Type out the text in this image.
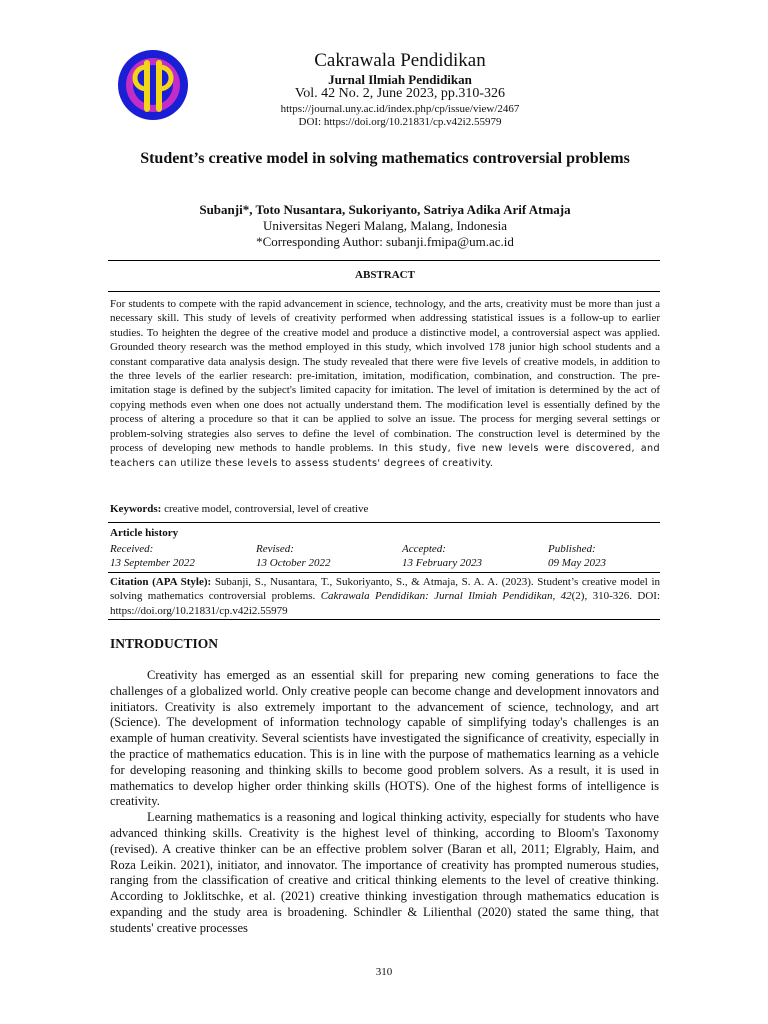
Cakrawala Pendidikan
Jurnal Ilmiah Pendidikan
Vol. 42 No. 2, June 2023, pp.310-326
https://journal.uny.ac.id/index.php/cp/issue/view/2467
DOI: https://doi.org/10.21831/cp.v42i2.55979
Student’s creative model in solving mathematics controversial problems
Subanji*, Toto Nusantara, Sukoriyanto, Satriya Adika Arif Atmaja
Universitas Negeri Malang, Malang, Indonesia
*Corresponding Author: subanji.fmipa@um.ac.id
ABSTRACT
For students to compete with the rapid advancement in science, technology, and the arts, creativity must be more than just a necessary skill. This study of levels of creativity performed when addressing statistical issues is a follow-up to earlier studies. To heighten the degree of the creative model and produce a distinctive model, a controversial aspect was applied. Grounded theory research was the method employed in this study, which involved 178 junior high school students and a constant comparative data analysis design. The study revealed that there were five levels of creative models, in addition to the three levels of the earlier research: pre-imitation, imitation, modification, combination, and construction. The pre-imitation stage is defined by the subject's limited capacity for imitation. The level of imitation is determined by the act of copying methods even when one does not actually understand them. The modification level is essentially defined by the process of altering a procedure so that it can be applied to solve an issue. The process for merging several settings or problem-solving strategies also serves to define the level of combination. The construction level is determined by the process of developing new methods to handle problems. In this study, five new levels were discovered, and teachers can utilize these levels to assess students' degrees of creativity.
Keywords: creative model, controversial, level of creative
Article history
Received:	Revised:	Accepted:	Published:
13 September 2022	13 October 2022	13 February 2023	09 May 2023
Citation (APA Style): Subanji, S., Nusantara, T., Sukoriyanto, S., & Atmaja, S. A. A. (2023). Student’s creative model in solving mathematics controversial problems. Cakrawala Pendidikan: Jurnal Ilmiah Pendidikan, 42(2), 310-326. DOI: https://doi.org/10.21831/cp.v42i2.55979
INTRODUCTION

Creativity has emerged as an essential skill for preparing new coming generations to face the challenges of a globalized world. Only creative people can become change and development innovators and initiators. Creativity is also extremely important to the advancement of science, technology, and art (Science). The development of information technology capable of simplifying today's challenges is an example of human creativity. Several scientists have investigated the significance of creativity, especially in the practice of mathematics education. This is in line with the purpose of mathematics learning as a vehicle for developing reasoning and thinking skills to become good problem solvers. As a result, it is used in mathematics to develop higher order thinking skills (HOTS). One of the highest forms of intelligence is creativity.

Learning mathematics is a reasoning and logical thinking activity, especially for students who have advanced thinking skills. Creativity is the highest level of thinking, according to Bloom's Taxonomy (revised). A creative thinker can be an effective problem solver (Baran et all, 2011; Elgrably, Haim, and Roza Leikin. 2021), initiator, and innovator. The importance of creativity has prompted numerous studies, ranging from the classification of creative and critical thinking elements to the level of creative thinking. According to Joklitschke, et al. (2021) creative thinking investigation through mathematics education is expanding and the study area is broadening. Schindler & Lilienthal (2020) stated the same thing, that students' creative processes

310
